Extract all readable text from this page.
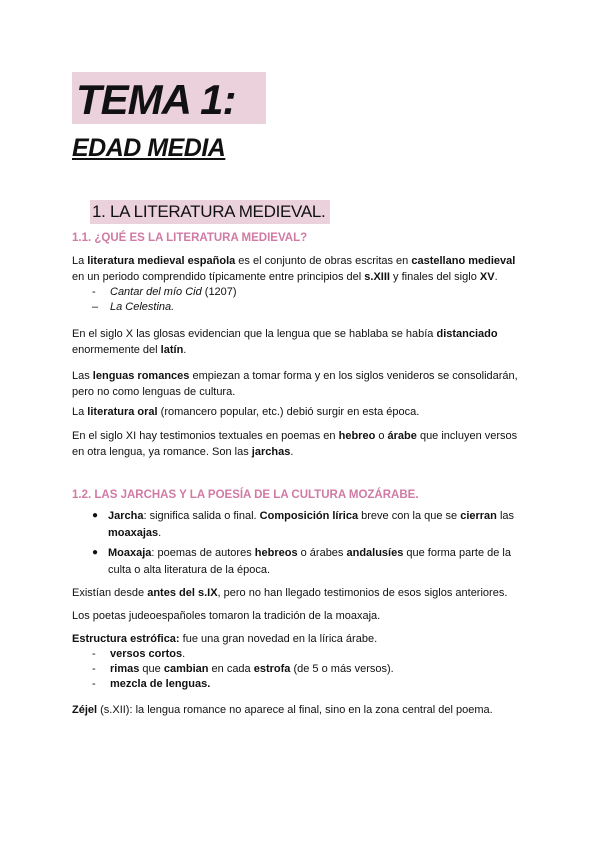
TEMA 1:
EDAD MEDIA
1. LA LITERATURA MEDIEVAL.
1.1. ¿QUÉ ES LA LITERATURA MEDIEVAL?
La literatura medieval española es el conjunto de obras escritas en castellano medieval
en un periodo comprendido típicamente entre principios del s.XIII y finales del siglo XV.
- Cantar del mío Cid (1207)
– La Celestina.
En el siglo X las glosas evidencian que la lengua que se hablaba se había distanciado
enormemente del latín.
Las lenguas romances empiezan a tomar forma y en los siglos venideros se consolidarán,
pero no como lenguas de cultura.
La literatura oral (romancero popular, etc.) debió surgir en esta época.
En el siglo XI hay testimonios textuales en poemas en hebreo o árabe que incluyen versos
en otra lengua, ya romance. Son las jarchas.
1.2. LAS JARCHAS Y LA POESÍA DE LA CULTURA MOZÁRABE.
● Jarcha: significa salida o final. Composición lírica breve con la que se cierran las
moaxajas.
● Moaxaja: poemas de autores hebreos o árabes andalusíes que forma parte de la
culta o alta literatura de la época.
Existían desde antes del s.IX, pero no han llegado testimonios de esos siglos anteriores.
Los poetas judeoespañoles tomaron la tradición de la moaxaja.
Estructura estrófica: fue una gran novedad en la lírica árabe.
- versos cortos.
- rimas que cambian en cada estrofa (de 5 o más versos).
- mezcla de lenguas.
Zéjel (s.XII): la lengua romance no aparece al final, sino en la zona central del poema.
